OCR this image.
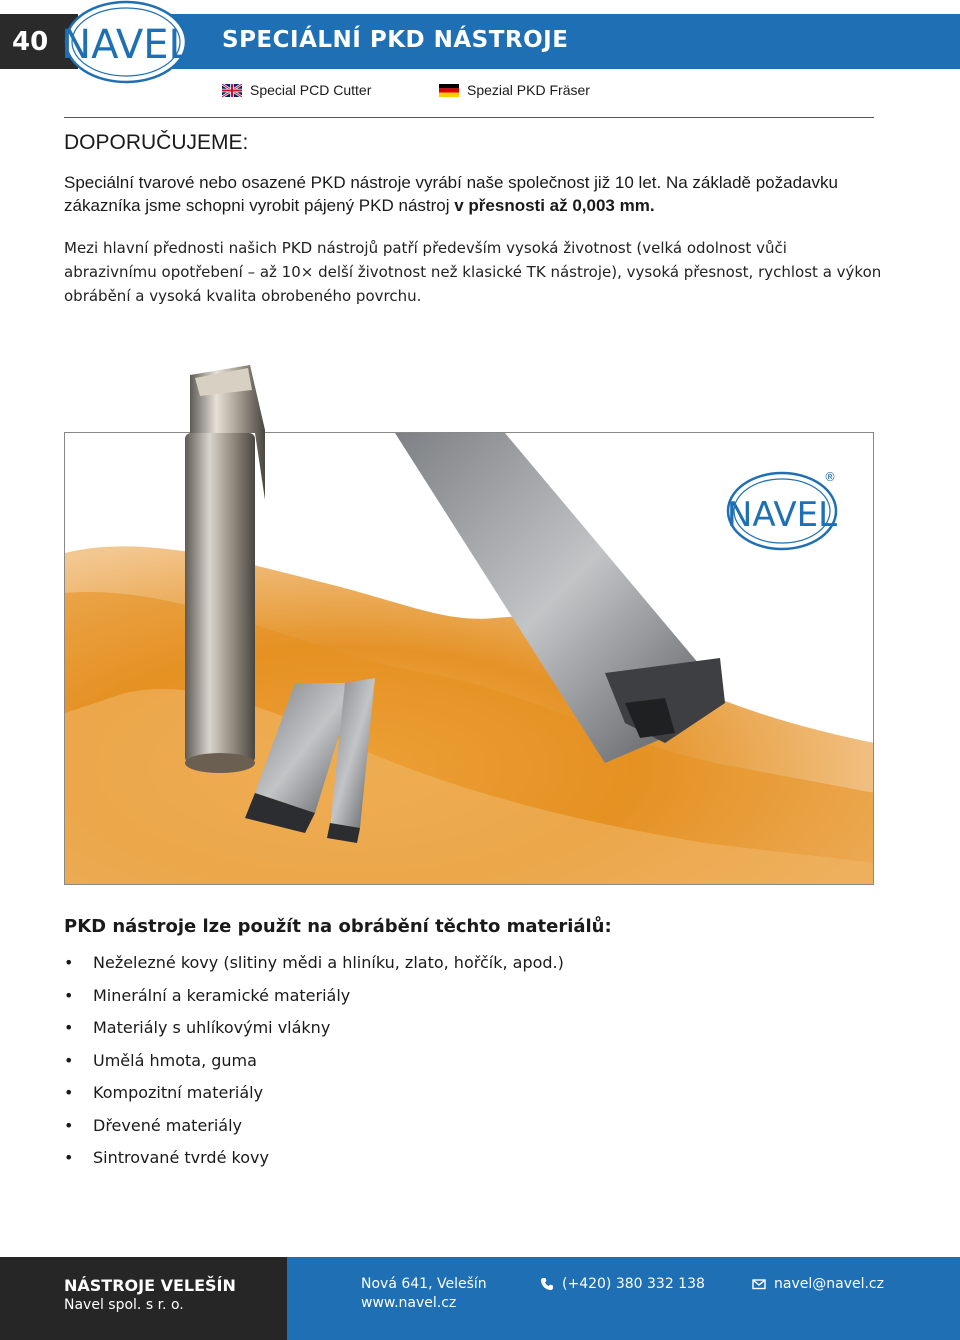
40	SPECIÁLNÍ PKD NÁSTROJE
NAVEL
Special PCD Cutter	Spezial PKD Fräser
DOPORUČUJEME:

Speciální tvarové nebo osazené PKD nástroje vyrábí naše společnost již 10 let. Na základě požadavku zákazníka jsme schopni vyrobit pájený PKD nástroj v přesnosti až 0,003 mm.

Mezi hlavní přednosti našich PKD nástrojů patří především vysoká životnost (velká odolnost vůči abrazivnímu opotřebení – až 10× delší životnost než klasické TK nástroje), vysoká přesnost, rychlost a výkon obrábění a vysoká kvalita obrobeného povrchu.

NAVEL
®
PKD nástroje lze použít na obrábění těchto materiálů:
• Neželezné kovy (slitiny mědi a hliníku, zlato, hořčík, apod.)
• Minerální a keramické materiály
• Materiály s uhlíkovými vlákny
• Umělá hmota, guma
• Kompozitní materiály
• Dřevené materiály
• Sintrované tvrdé kovy
NÁSTROJE VELEŠÍN
Navel spol. s r. o.
Nová 641, Velešín
www.navel.cz
(+420) 380 332 138	navel@navel.cz
